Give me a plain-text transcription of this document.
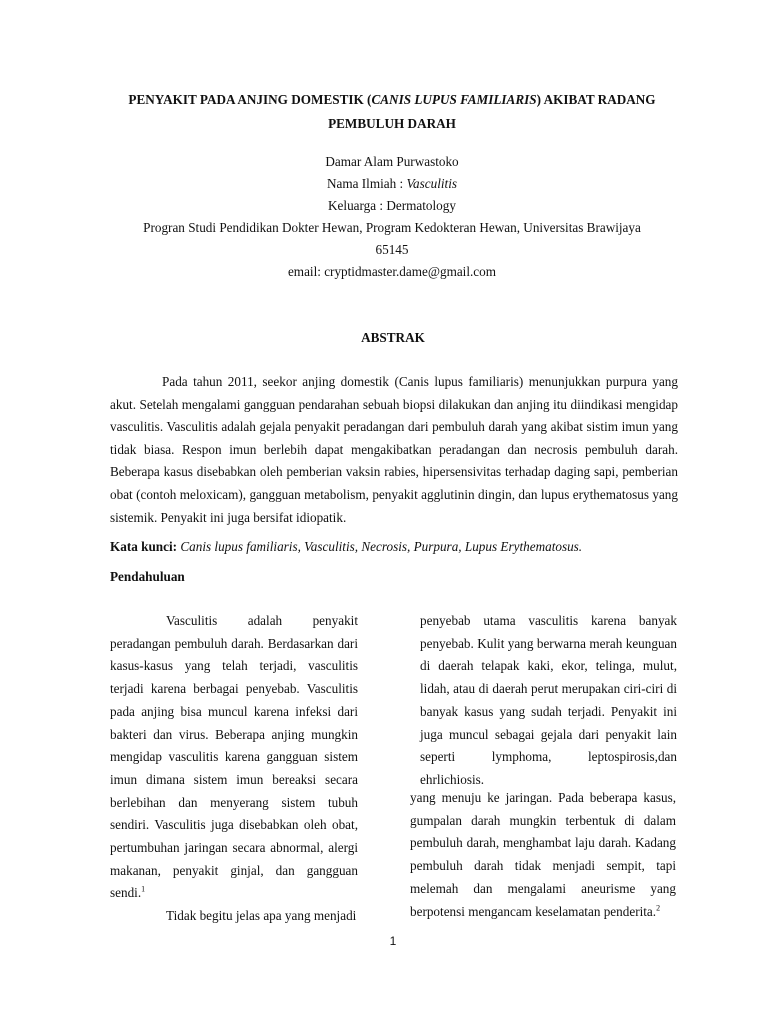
PENYAKIT PADA ANJING DOMESTIK (CANIS LUPUS FAMILIARIS) AKIBAT RADANG PEMBULUH DARAH

Damar Alam Purwastoko

Nama Ilmiah : Vasculitis

Keluarga : Dermatology

Progran Studi Pendidikan Dokter Hewan, Program Kedokteran Hewan, Universitas Brawijaya

65145

email: cryptidmaster.dame@gmail.com

ABSTRAK

Pada tahun 2011, seekor anjing domestik (Canis lupus familiaris) menunjukkan purpura yang akut. Setelah mengalami gangguan pendarahan sebuah biopsi dilakukan dan anjing itu diindikasi mengidap vasculitis. Vasculitis adalah gejala penyakit peradangan dari pembuluh darah yang akibat sistim imun yang tidak biasa. Respon imun berlebih dapat mengakibatkan peradangan dan necrosis pembuluh darah. Beberapa kasus disebabkan oleh pemberian vaksin rabies, hipersensivitas terhadap daging sapi, pemberian obat (contoh meloxicam), gangguan metabolism, penyakit agglutinin dingin, dan lupus erythematosus yang sistemik. Penyakit ini juga bersifat idiopatik.

Kata kunci: Canis lupus familiaris, Vasculitis, Necrosis, Purpura, Lupus Erythematosus.

Pendahuluan

Vasculitis adalah penyakit peradangan pembuluh darah. Berdasarkan dari kasus-kasus yang telah terjadi, vasculitis terjadi karena berbagai penyebab. Vasculitis pada anjing bisa muncul karena infeksi dari bakteri dan virus. Beberapa anjing mungkin mengidap vasculitis karena gangguan sistem imun dimana sistem imun bereaksi secara berlebihan dan menyerang sistem tubuh sendiri. Vasculitis juga disebabkan oleh obat, pertumbuhan jaringan secara abnormal, alergi makanan, penyakit ginjal, dan gangguan sendi.$^1$

Tidak begitu jelas apa yang menjadi

penyebab utama vasculitis karena banyak penyebab. Kulit yang berwarna merah keunguan di daerah telapak kaki, ekor, telinga, mulut, lidah, atau di daerah perut merupakan ciri-ciri di banyak kasus yang sudah terjadi. Penyakit ini juga muncul sebagai gejala dari penyakit lain seperti lymphoma, leptospirosis,dan ehrlichiosis.

yang menuju ke jaringan. Pada beberapa kasus, gumpalan darah mungkin terbentuk di dalam pembuluh darah, menghambat laju darah. Kadang pembuluh darah tidak menjadi sempit, tapi melemah dan mengalami aneurisme yang berpotensi mengancam keselamatan penderita.$^2$

1
